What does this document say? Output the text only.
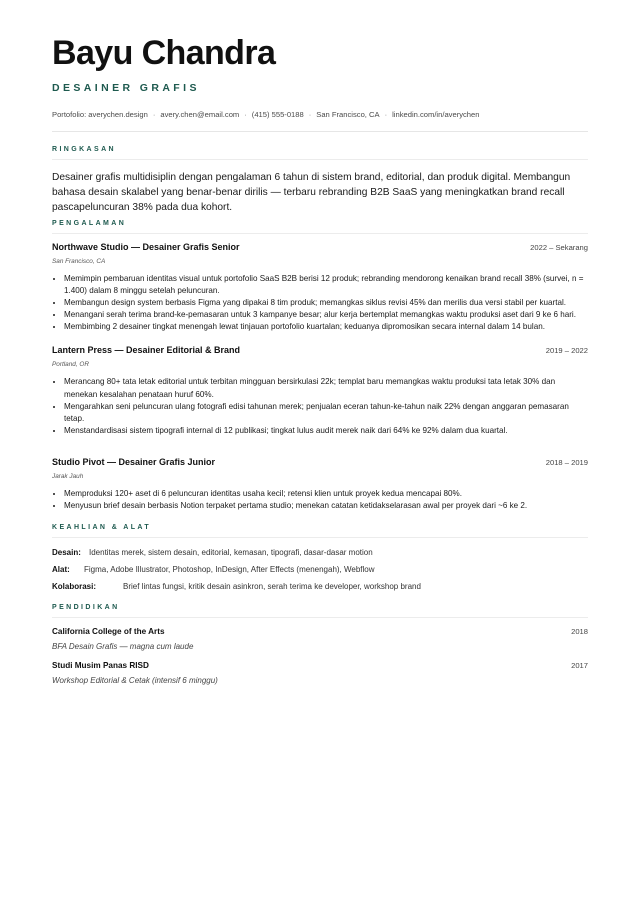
Bayu Chandra
DESAINER GRAFIS
Portofolio: averychen.design · avery.chen@email.com · (415) 555-0188 · San Francisco, CA · linkedin.com/in/averychen
RINGKASAN
Desainer grafis multidisiplin dengan pengalaman 6 tahun di sistem brand, editorial, dan produk digital. Membangun bahasa desain skalabel yang benar-benar dirilis — terbaru rebranding B2B SaaS yang meningkatkan brand recall pascapeluncuran 38% pada dua kohort.
PENGALAMAN
Northwave Studio — Desainer Grafis Senior	2022 – Sekarang
San Francisco, CA
• Memimpin pembaruan identitas visual untuk portofolio SaaS B2B berisi 12 produk; rebranding mendorong kenaikan brand recall 38% (survei, n = 1.400) dalam 8 minggu setelah peluncuran.
• Membangun design system berbasis Figma yang dipakai 8 tim produk; memangkas siklus revisi 45% dan merilis dua versi stabil per kuartal.
• Menangani serah terima brand-ke-pemasaran untuk 3 kampanye besar; alur kerja bertemplat memangkas waktu produksi aset dari 9 ke 6 hari.
• Membimbing 2 desainer tingkat menengah lewat tinjauan portofolio kuartalan; keduanya dipromosikan secara internal dalam 14 bulan.
Lantern Press — Desainer Editorial & Brand	2019 – 2022
Portland, OR
• Merancang 80+ tata letak editorial untuk terbitan mingguan bersirkulasi 22k; templat baru memangkas waktu produksi tata letak 30% dan menekan kesalahan penataan huruf 60%.
• Mengarahkan seni peluncuran ulang fotografi edisi tahunan merek; penjualan eceran tahun-ke-tahun naik 22% dengan anggaran pemasaran tetap.
• Menstandardisasi sistem tipografi internal di 12 publikasi; tingkat lulus audit merek naik dari 64% ke 92% dalam dua kuartal.
Studio Pivot — Desainer Grafis Junior	2018 – 2019
Jarak Jauh
• Memproduksi 120+ aset di 6 peluncuran identitas usaha kecil; retensi klien untuk proyek kedua mencapai 80%.
• Menyusun brief desain berbasis Notion terpaket pertama studio; menekan catatan ketidakselarasan awal per proyek dari ~6 ke 2.
KEAHLIAN & ALAT
Desain:	Identitas merek, sistem desain, editorial, kemasan, tipografi, dasar-dasar motion
Alat:	Figma, Adobe Illustrator, Photoshop, InDesign, After Effects (menengah), Webflow
Kolaborasi:	Brief lintas fungsi, kritik desain asinkron, serah terima ke developer, workshop brand
PENDIDIKAN
California College of the Arts	2018
BFA Desain Grafis — magna cum laude
Studi Musim Panas RISD	2017
Workshop Editorial & Cetak (intensif 6 minggu)
